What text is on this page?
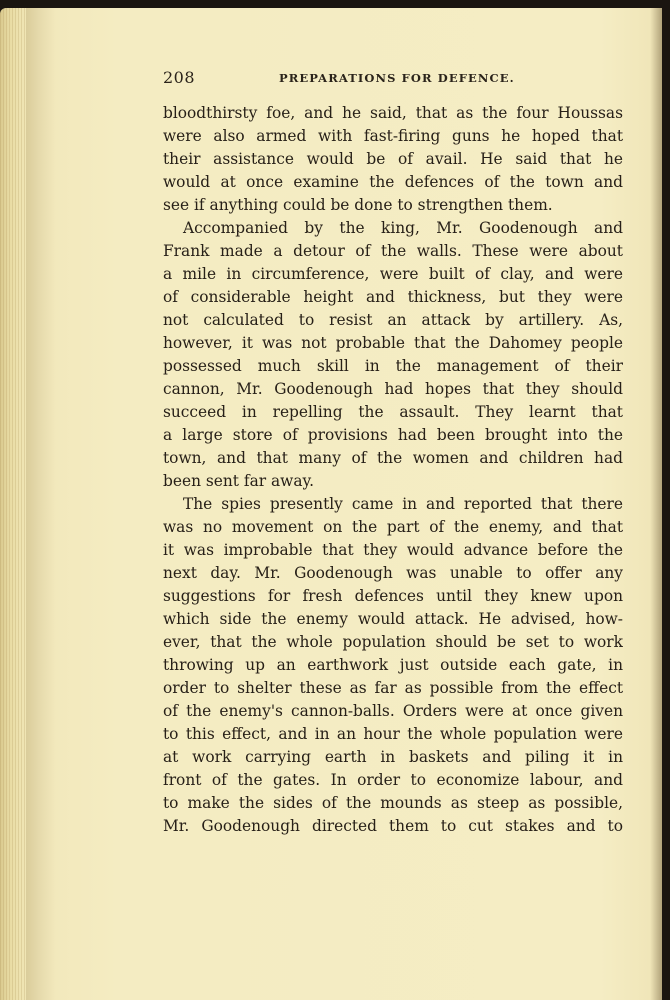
208	PREPARATIONS FOR DEFENCE.
bloodthirsty foe, and he said, that as the four Houssas
were also armed with fast-firing guns he hoped that
their assistance would be of avail. He said that he
would at once examine the defences of the town and
see if anything could be done to strengthen them.
Accompanied by the king, Mr. Goodenough and
Frank made a detour of the walls. These were about
a mile in circumference, were built of clay, and were
of considerable height and thickness, but they were
not calculated to resist an attack by artillery. As,
however, it was not probable that the Dahomey people
possessed much skill in the management of their
cannon, Mr. Goodenough had hopes that they should
succeed in repelling the assault. They learnt that
a large store of provisions had been brought into the
town, and that many of the women and children had
been sent far away.
The spies presently came in and reported that there
was no movement on the part of the enemy, and that
it was improbable that they would advance before the
next day. Mr. Goodenough was unable to offer any
suggestions for fresh defences until they knew upon
which side the enemy would attack. He advised, how-
ever, that the whole population should be set to work
throwing up an earthwork just outside each gate, in
order to shelter these as far as possible from the effect
of the enemy's cannon-balls. Orders were at once given
to this effect, and in an hour the whole population were
at work carrying earth in baskets and piling it in
front of the gates. In order to economize labour, and
to make the sides of the mounds as steep as possible,
Mr. Goodenough directed them to cut stakes and to
